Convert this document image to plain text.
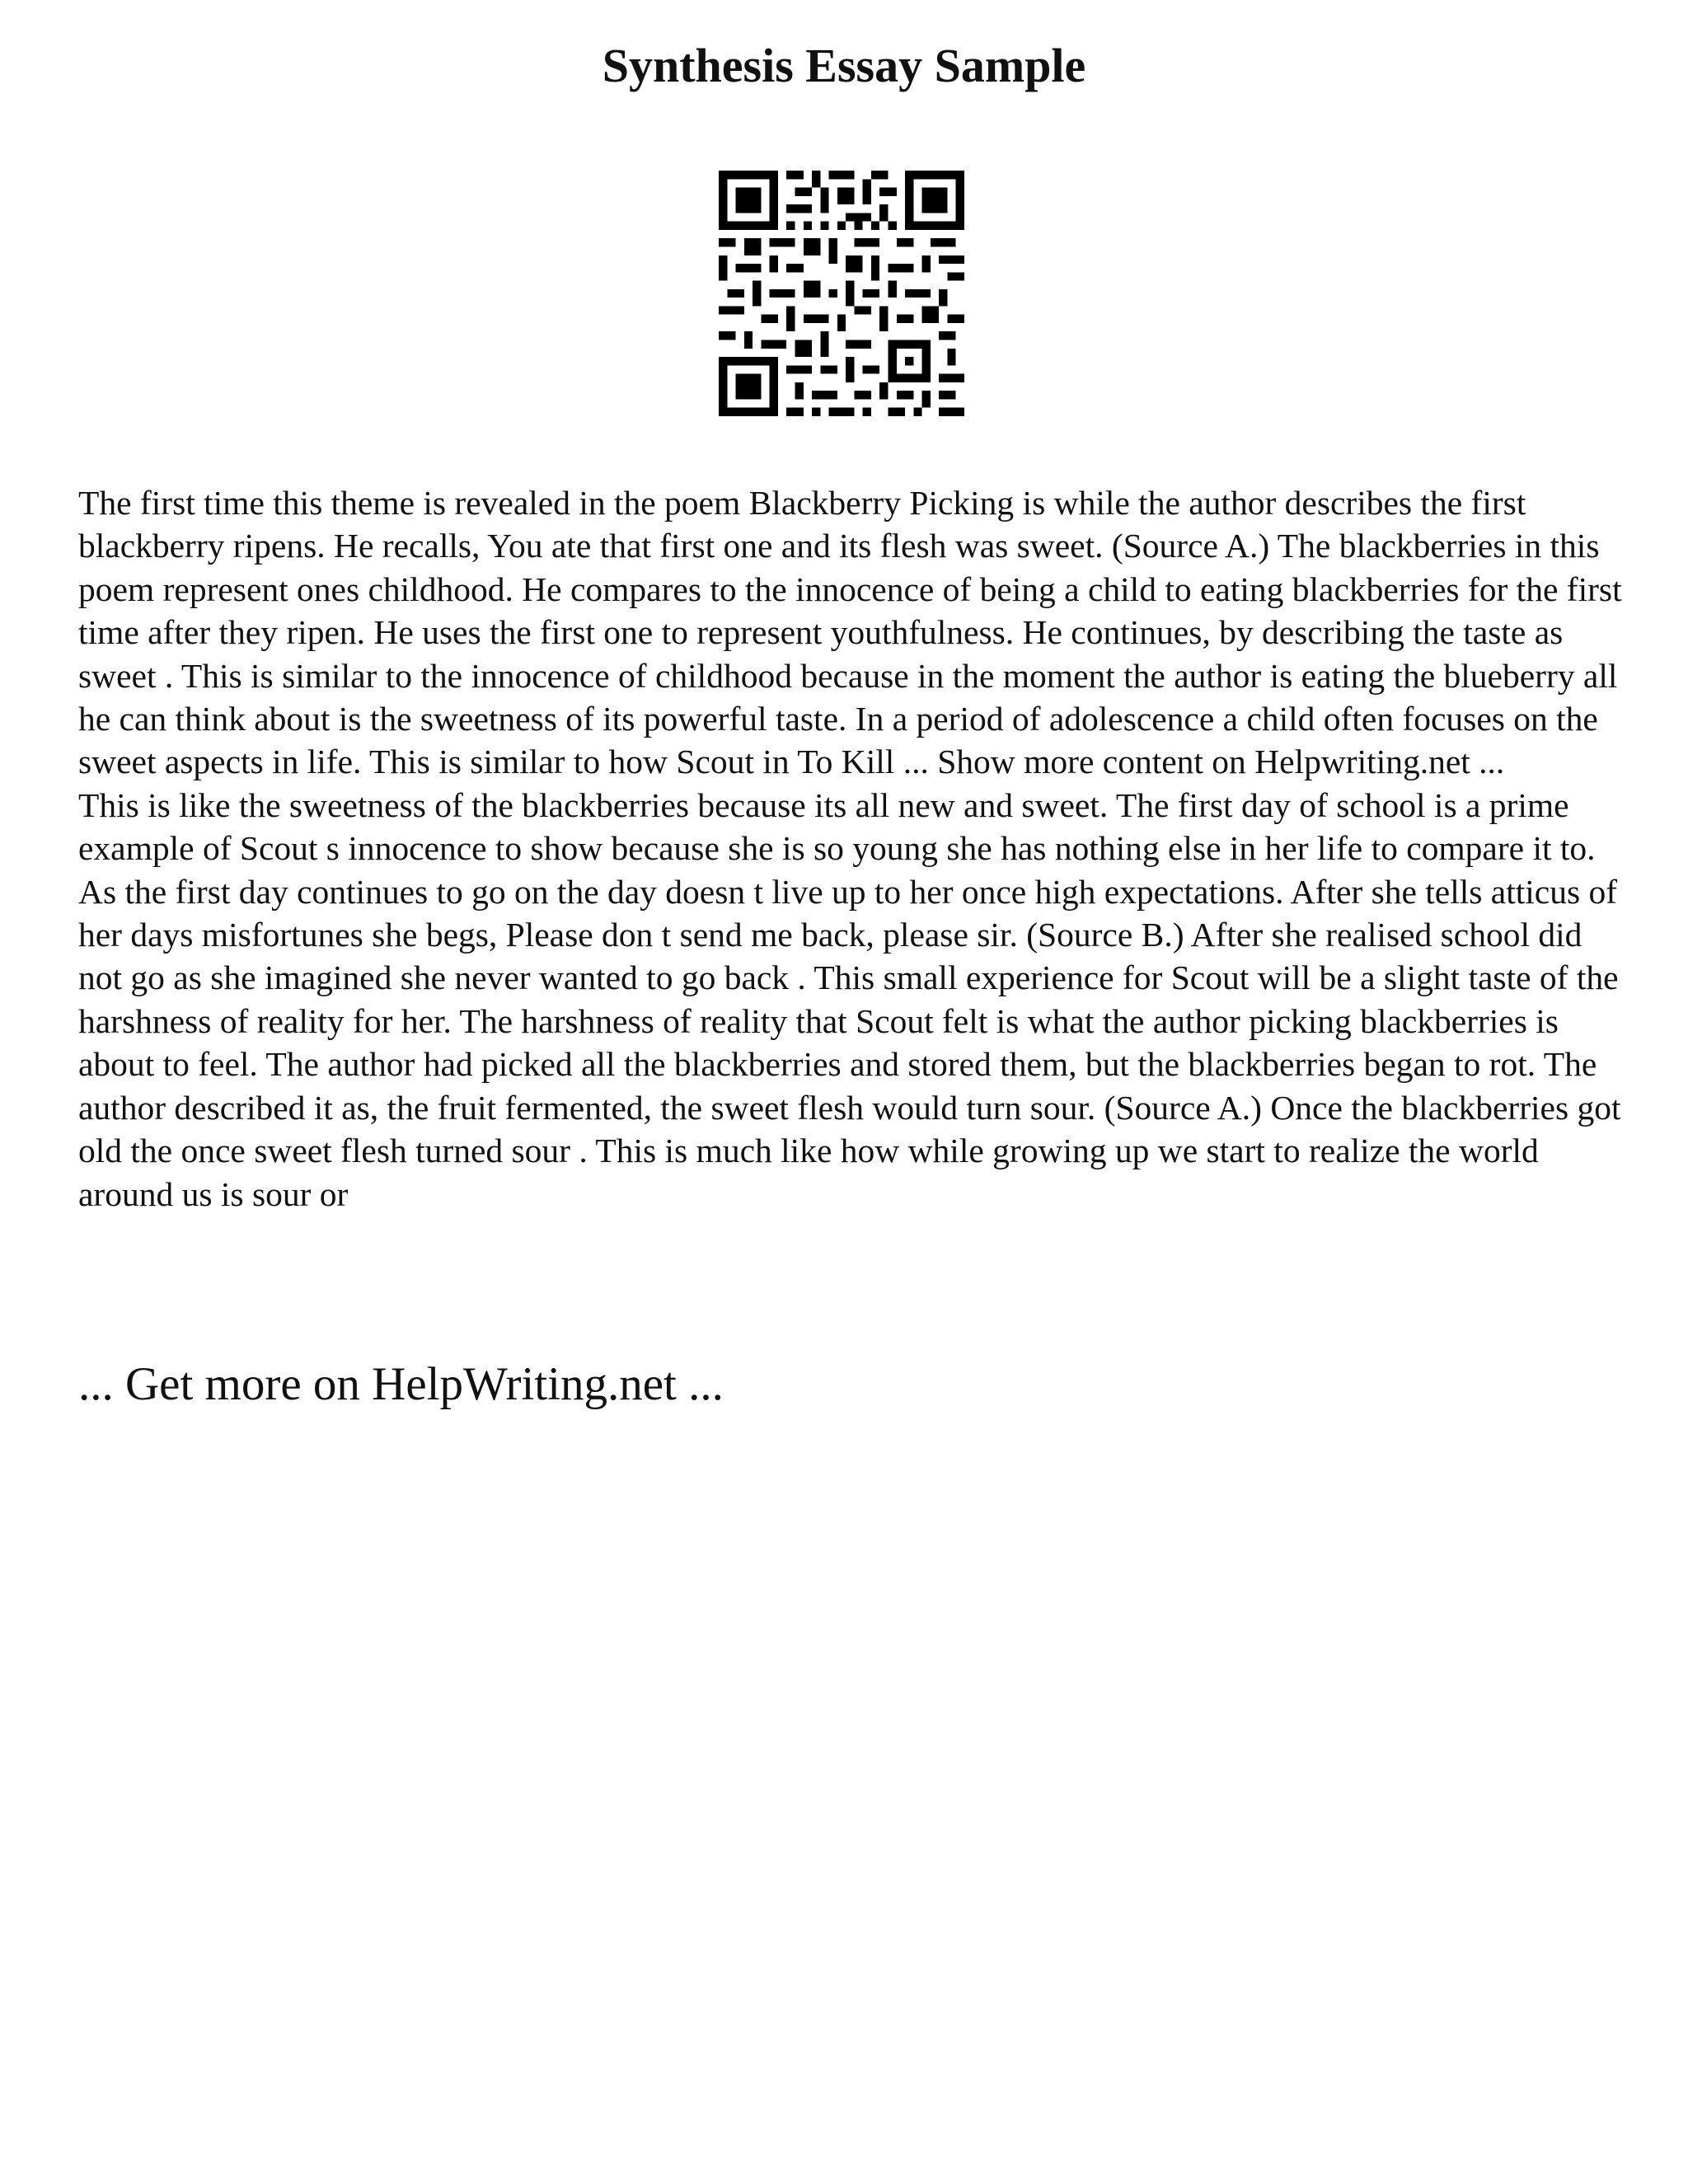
Synthesis Essay Sample

The first time this theme is revealed in the poem Blackberry Picking is while the author describes the first blackberry ripens. He recalls, You ate that first one and its flesh was sweet. (Source A.) The blackberries in this poem represent ones childhood. He compares to the innocence of being a child to eating blackberries for the first time after they ripen. He uses the first one to represent youthfulness. He continues, by describing the taste as sweet . This is similar to the innocence of childhood because in the moment the author is eating the blueberry all he can think about is the sweetness of its powerful taste. In a period of adolescence a child often focuses on the sweet aspects in life. This is similar to how Scout in To Kill ... Show more content on Helpwriting.net ...

This is like the sweetness of the blackberries because its all new and sweet. The first day of school is a prime example of Scout s innocence to show because she is so young she has nothing else in her life to compare it to. As the first day continues to go on the day doesn t live up to her once high expectations. After she tells atticus of her days misfortunes she begs, Please don t send me back, please sir. (Source B.) After she realised school did not go as she imagined she never wanted to go back . This small experience for Scout will be a slight taste of the harshness of reality for her. The harshness of reality that Scout felt is what the author picking blackberries is about to feel. The author had picked all the blackberries and stored them, but the blackberries began to rot. The author described it as, the fruit fermented, the sweet flesh would turn sour. (Source A.) Once the blackberries got old the once sweet flesh turned sour . This is much like how while growing up we start to realize the world around us is sour or

... Get more on HelpWriting.net ...
